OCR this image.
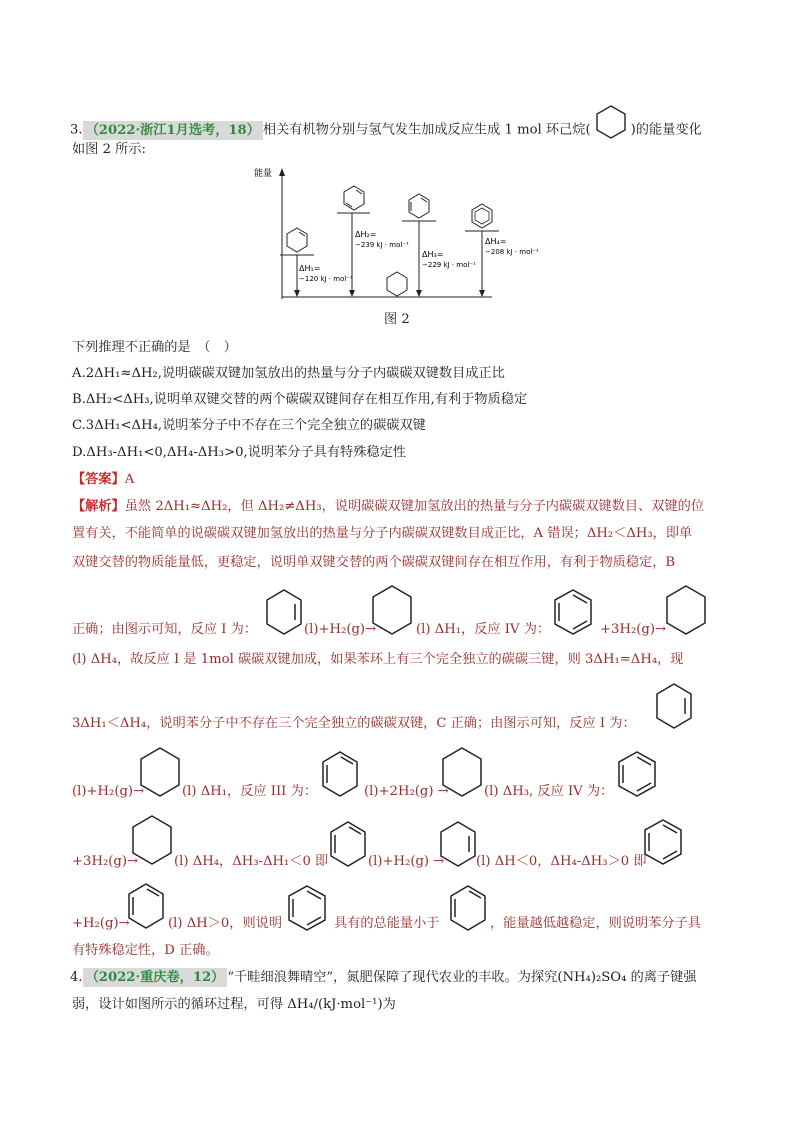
3. （2022·浙江1月选考，18） 相关有机物分别与氢气发生加成反应生成 1 mol 环己烷(	)的能量变化
如图 2 所示:
能量
ΔH₁=
−120 kJ · mol⁻¹
ΔH₂=
−239 kJ · mol⁻¹
ΔH₃=
−229 kJ · mol⁻¹
ΔH₄=
−208 kJ · mol⁻¹
图 2
下列推理不正确的是　（　）
A.2ΔH₁≈ΔH₂,说明碳碳双键加氢放出的热量与分子内碳碳双键数目成正比
B.ΔH₂<ΔH₃,说明单双键交替的两个碳碳双键间存在相互作用,有利于物质稳定
C.3ΔH₁<ΔH₄,说明苯分子中不存在三个完全独立的碳碳双键
D.ΔH₃-ΔH₁<0,ΔH₄-ΔH₃>0,说明苯分子具有特殊稳定性
【答案】A
【解析】虽然 2ΔH₁≈ΔH₂，但 ΔH₂≠ΔH₃，说明碳碳双键加氢放出的热量与分子内碳碳双键数目、双键的位
置有关，不能简单的说碳碳双键加氢放出的热量与分子内碳碳双键数目成正比，A 错误；ΔH₂＜ΔH₃，即单
双键交替的物质能量低，更稳定，说明单双键交替的两个碳碳双键间存在相互作用，有利于物质稳定，B
正确；由图示可知，反应 I 为：	(l)+H₂(g)→	(l) ΔH₁，反应 IV 为：	+3H₂(g)→
(l) ΔH₄，故反应 I 是 1mol 碳碳双键加成，如果苯环上有三个完全独立的碳碳三键，则 3ΔH₁=ΔH₄，现
3ΔH₁＜ΔH₄，说明苯分子中不存在三个完全独立的碳碳双键，C 正确；由图示可知，反应 I 为：
(l)+H₂(g)→	(l) ΔH₁，反应 III 为：	(l)+2H₂(g) →	(l) ΔH₃, 反应 IV 为：
+3H₂(g)→	(l) ΔH₄，ΔH₃-ΔH₁＜0 即	(l)+H₂(g) → (l) ΔH＜0，ΔH₄-ΔH₃＞0 即
+H₂(g)→	(l) ΔH＞0，则说明	具有的总能量小于	，能量越低越稳定，则说明苯分子具
有特殊稳定性，D 正确。
4. （2022·重庆卷，12） “千畦细浪舞晴空”，氮肥保障了现代农业的丰收。为探究(NH₄)₂SO₄ 的离子键强
弱，设计如图所示的循环过程，可得 ΔH₄/(kJ·mol⁻¹)为
